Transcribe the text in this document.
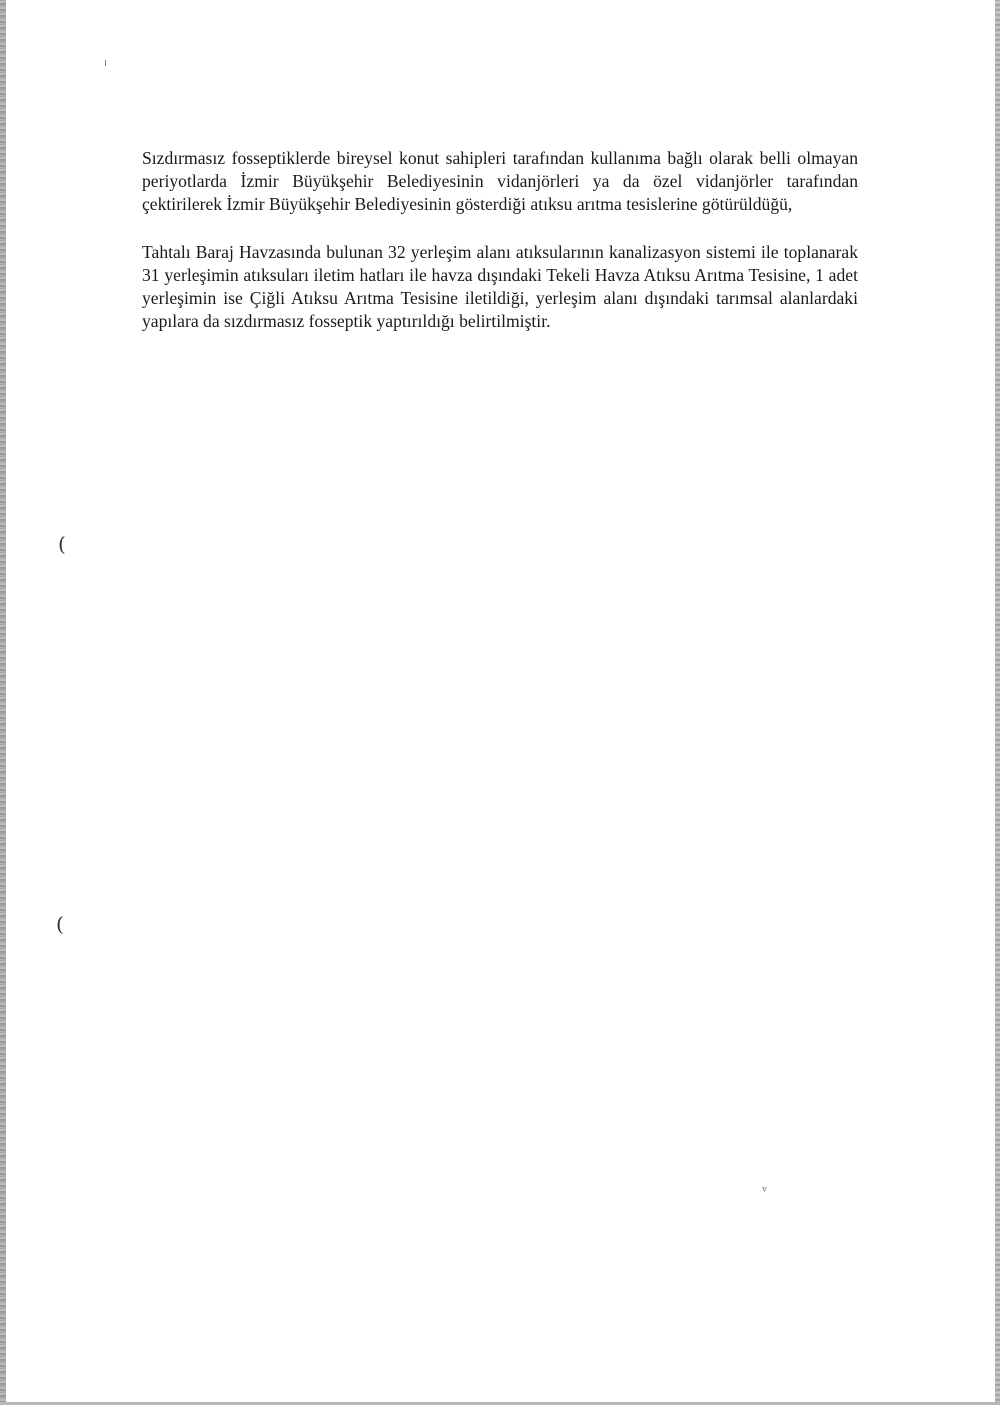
Sızdırmasız fosseptiklerde bireysel konut sahipleri tarafından kullanıma bağlı olarak belli olmayan periyotlarda İzmir Büyükşehir Belediyesinin vidanjörleri ya da özel vidanjörler tarafından çektirilerek İzmir Büyükşehir Belediyesinin gösterdiği atıksu arıtma tesislerine götürüldüğü,

Tahtalı Baraj Havzasında bulunan 32 yerleşim alanı atıksularının kanalizasyon sistemi ile toplanarak 31 yerleşimin atıksuları iletim hatları ile havza dışındaki Tekeli Havza Atıksu Arıtma Tesisine, 1 adet yerleşimin ise Çiğli Atıksu Arıtma Tesisine iletildiği, yerleşim alanı dışındaki tarımsal alanlardaki yapılara da sızdırmasız fosseptik yaptırıldığı belirtilmiştir.

(
(
ᵛ
